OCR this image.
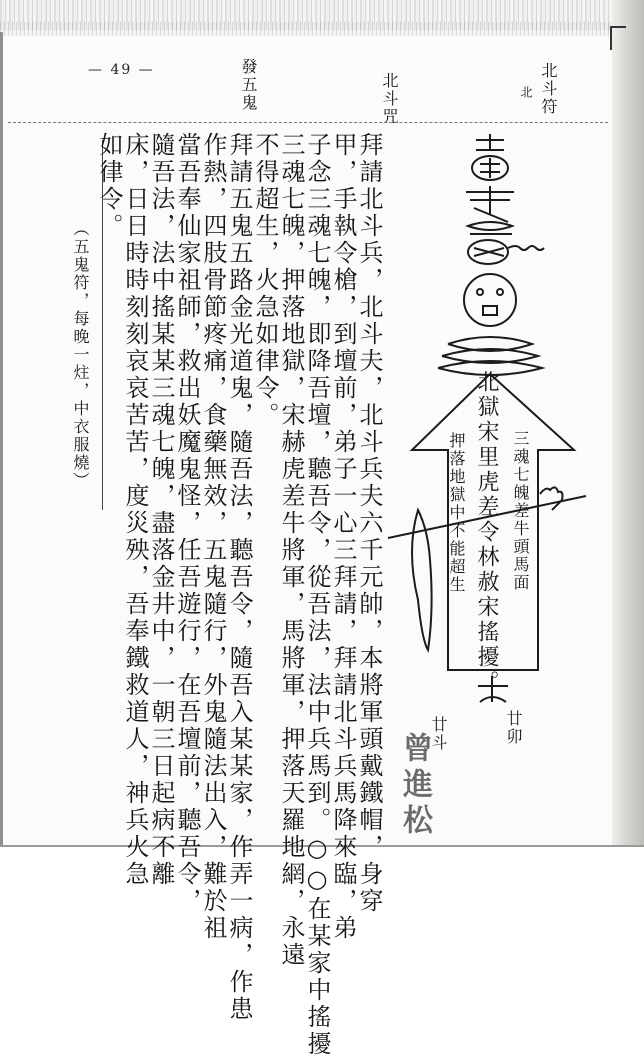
— 49 —	北斗符
北
北斗咒
發五鬼
拜請北斗兵，北斗夫，北斗兵夫六千元帥，本將軍頭戴鐵帽，身穿
甲，手執令槍，到壇前，弟子一心三拜請，拜請北斗兵馬降來臨，弟
子念三魂七魄，即降吾壇，聽吾令，從吾法，法中兵馬到。○○在某家中搖擾
三魂七魄，押落地獄，宋赫虎差牛將軍，馬將軍，押落天羅地網，永遠
不得超生，火急如律令。
拜請五鬼五路金光道鬼，隨吾法，聽吾令，隨吾入某某家，作弄一病，作患
作熱，四肢骨節疼痛，食藥無效，五鬼隨行，外鬼隨法出入，難於祖
當吾奉仙家祖師，救出妖魔鬼怪，任吾遊行，在吾壇前，聽吾令，
隨吾法，法中搖某某三魂七魄，盡落金井中，一朝三日起病不離
床，日日時時刻刻哀哀苦苦，度災殃，吾奉鐵救道人，神兵火急
如律令。
（五鬼符，每晚一炷，中衣服燒）
北獄宋里虎差令林赦宋搖擾。 三魂七魄差牛頭馬面
押落地獄中不能超生
廿卯
廿斗
曾進松
